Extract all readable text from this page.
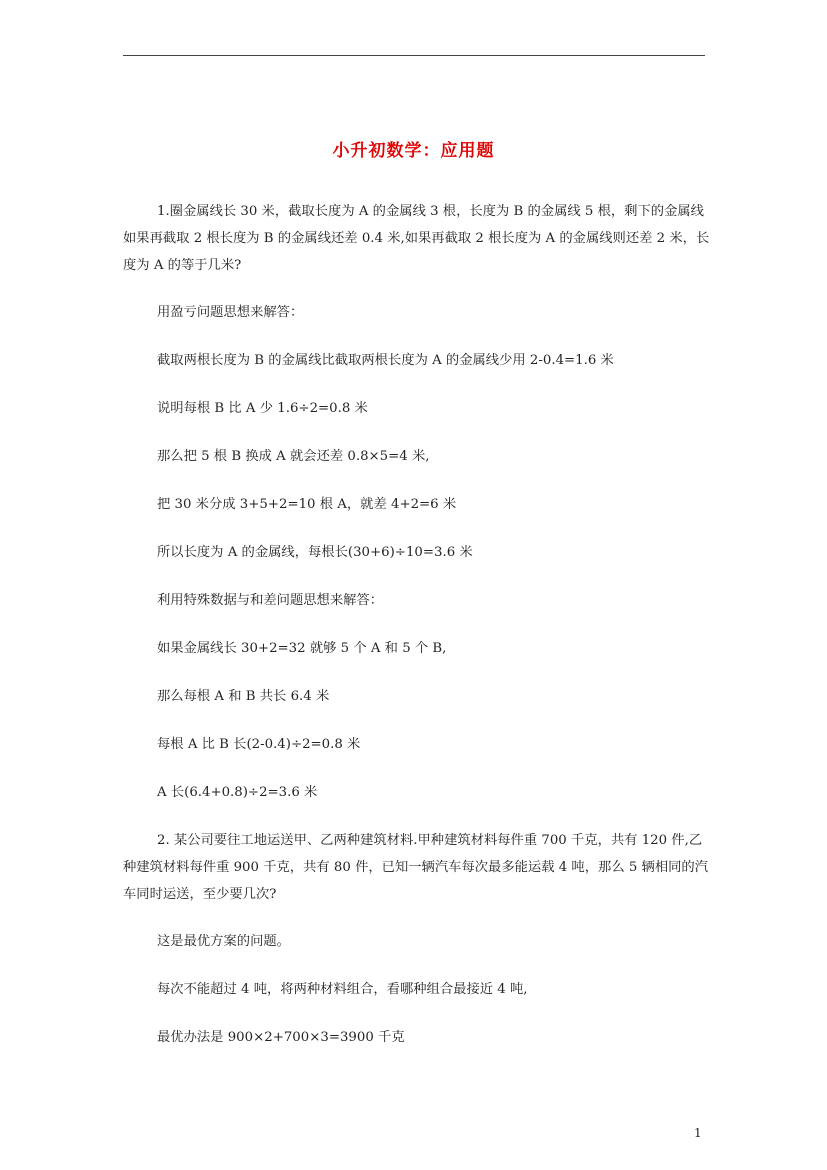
小升初数学：应用题

1.圈金属线长 30 米，截取长度为 A 的金属线 3 根，长度为 B 的金属线 5 根，剩下的金属线如果再截取 2 根长度为 B 的金属线还差 0.4 米,如果再截取 2 根长度为 A 的金属线则还差 2 米，长度为 A 的等于几米?

用盈亏问题思想来解答：

截取两根长度为 B 的金属线比截取两根长度为 A 的金属线少用 2-0.4=1.6 米

说明每根 B 比 A 少 1.6÷2=0.8 米

那么把 5 根 B 换成 A 就会还差 0.8×5=4 米,

把 30 米分成 3+5+2=10 根 A，就差 4+2=6 米

所以长度为 A 的金属线，每根长(30+6)÷10=3.6 米

利用特殊数据与和差问题思想来解答：

如果金属线长 30+2=32 就够 5 个 A 和 5 个 B,

那么每根 A 和 B 共长 6.4 米

每根 A 比 B 长(2-0.4)÷2=0.8 米

A 长(6.4+0.8)÷2=3.6 米

2. 某公司要往工地运送甲、乙两种建筑材料.甲种建筑材料每件重 700 千克，共有 120 件,乙种建筑材料每件重 900 千克，共有 80 件，已知一辆汽车每次最多能运载 4 吨，那么 5 辆相同的汽车同时运送，至少要几次?

这是最优方案的问题。

每次不能超过 4 吨，将两种材料组合，看哪种组合最接近 4 吨,

最优办法是 900×2+700×3=3900 千克

1
